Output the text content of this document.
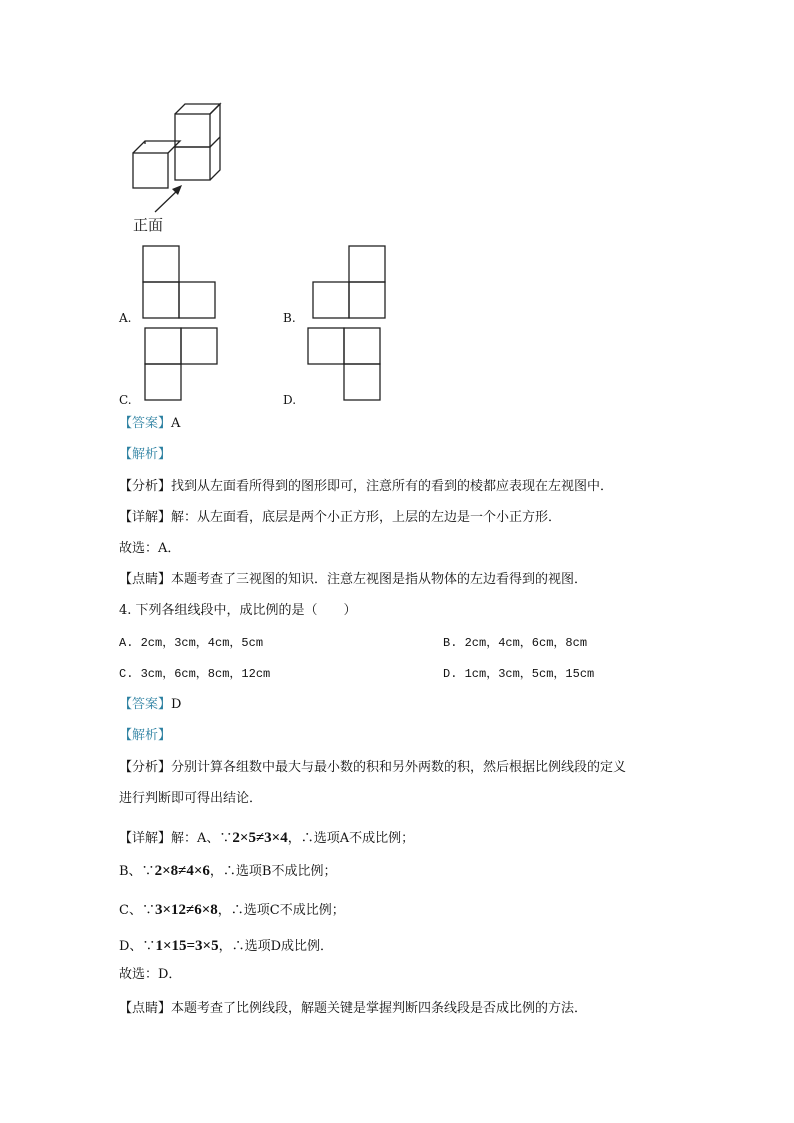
正面
A.	B.
C.	D.
【答案】A
【解析】
【分析】找到从左面看所得到的图形即可，注意所有的看到的棱都应表现在左视图中．
【详解】解：从左面看，底层是两个小正方形，上层的左边是一个小正方形．
故选：A．
【点睛】本题考查了三视图的知识．注意左视图是指从物体的左边看得到的视图．
4. 下列各组线段中，成比例的是（　　）
A. 2cm，3cm，4cm，5cm	B. 2cm，4cm，6cm，8cm
C. 3cm，6cm，8cm，12cm	D. 1cm，3cm，5cm，15cm
【答案】D
【解析】
【分析】分别计算各组数中最大与最小数的积和另外两数的积，然后根据比例线段的定义
进行判断即可得出结论．
【详解】解：A、∵2×5≠3×4，∴选项A不成比例；
B、∵2×8≠4×6，∴选项B不成比例；
C、∵3×12≠6×8，∴选项C不成比例；
D、∵1×15=3×5，∴选项D成比例．
故选：D．
【点睛】本题考查了比例线段，解题关键是掌握判断四条线段是否成比例的方法．
